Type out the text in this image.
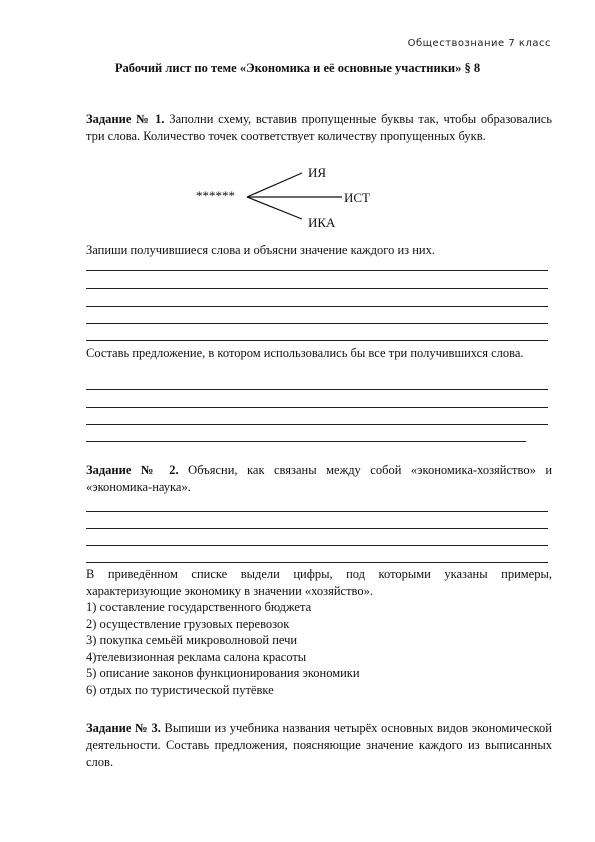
Обществознание 7 класс
Рабочий лист по теме «Экономика и её основные участники» § 8
Задание № 1. Заполни схему, вставив пропущенные буквы так, чтобы образовались три слова. Количество точек соответствует количеству пропущенных букв.
******
ИЯ
ИСТ
ИКА
Запиши получившиеся слова и объясни значение каждого из них.
Составь предложение, в котором использовались бы все три получившихся слова.
Задание № 2. Объясни, как связаны между собой «экономика-хозяйство» и «экономика-наука».
В приведённом списке выдели цифры, под которыми указаны примеры, характеризующие экономику в значении «хозяйство».
1) составление государственного бюджета
2) осуществление грузовых перевозок
3) покупка семьёй микроволновой печи
4)телевизионная реклама салона красоты
5) описание законов функционирования экономики
6) отдых по туристической путёвке
Задание № 3. Выпиши из учебника названия четырёх основных видов экономической деятельности. Составь предложения, поясняющие значение каждого из выписанных слов.
